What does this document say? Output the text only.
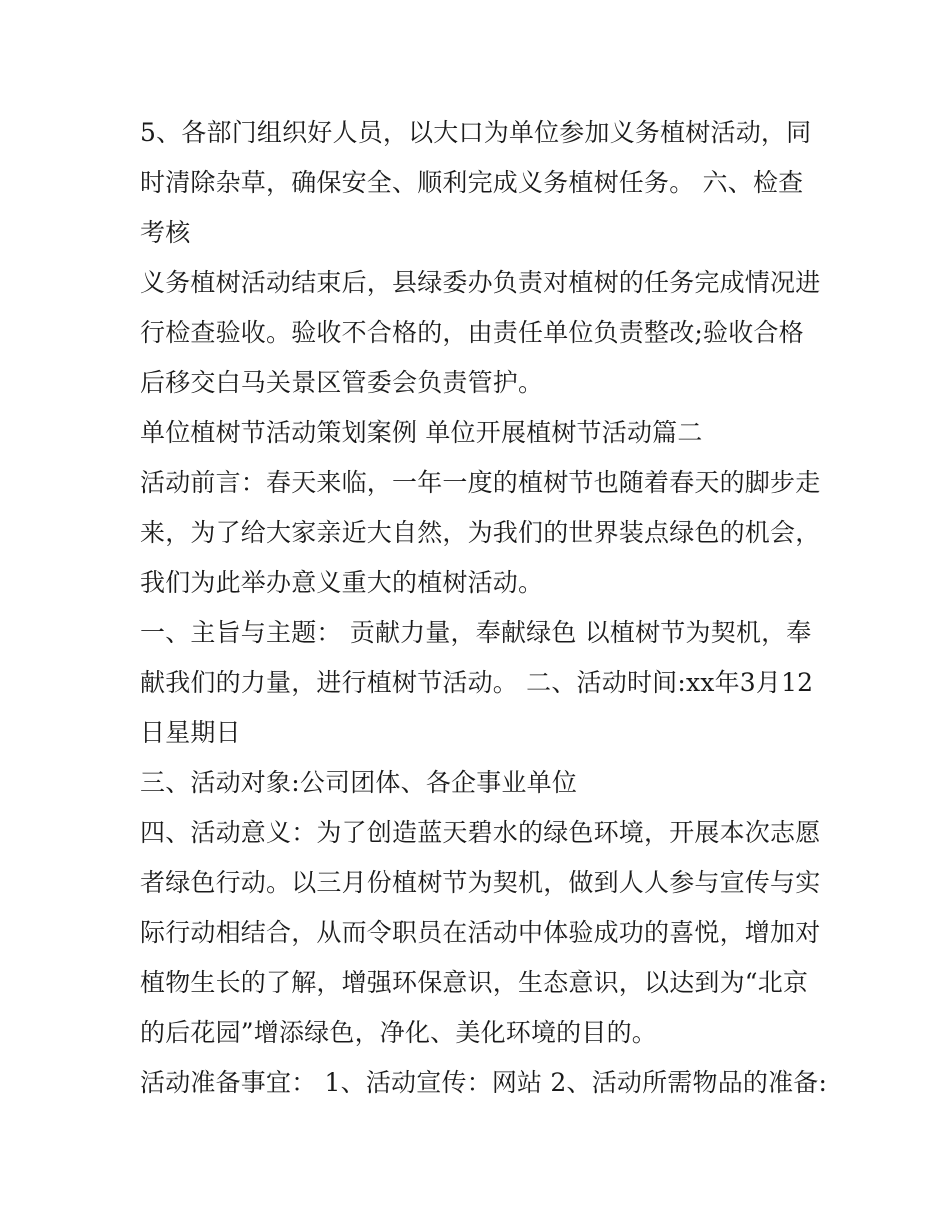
5、各部门组织好人员，以大口为单位参加义务植树活动，同
时清除杂草，确保安全、顺利完成义务植树任务。 六、检查
考核
义务植树活动结束后，县绿委办负责对植树的任务完成情况进
行检查验收。验收不合格的，由责任单位负责整改;验收合格
后移交白马关景区管委会负责管护。
单位植树节活动策划案例 单位开展植树节活动篇二
活动前言：春天来临，一年一度的植树节也随着春天的脚步走
来，为了给大家亲近大自然，为我们的世界装点绿色的机会，
我们为此举办意义重大的植树活动。
一、主旨与主题： 贡献力量，奉献绿色 以植树节为契机，奉
献我们的力量，进行植树节活动。 二、活动时间:xx年3月12
日星期日
三、活动对象:公司团体、各企事业单位
四、活动意义：为了创造蓝天碧水的绿色环境，开展本次志愿
者绿色行动。以三月份植树节为契机，做到人人参与宣传与实
际行动相结合，从而令职员在活动中体验成功的喜悦，增加对
植物生长的了解，增强环保意识，生态意识，以达到为“北京
的后花园”增添绿色，净化、美化环境的目的。
活动准备事宜： 1、活动宣传：网站 2、活动所需物品的准备:
